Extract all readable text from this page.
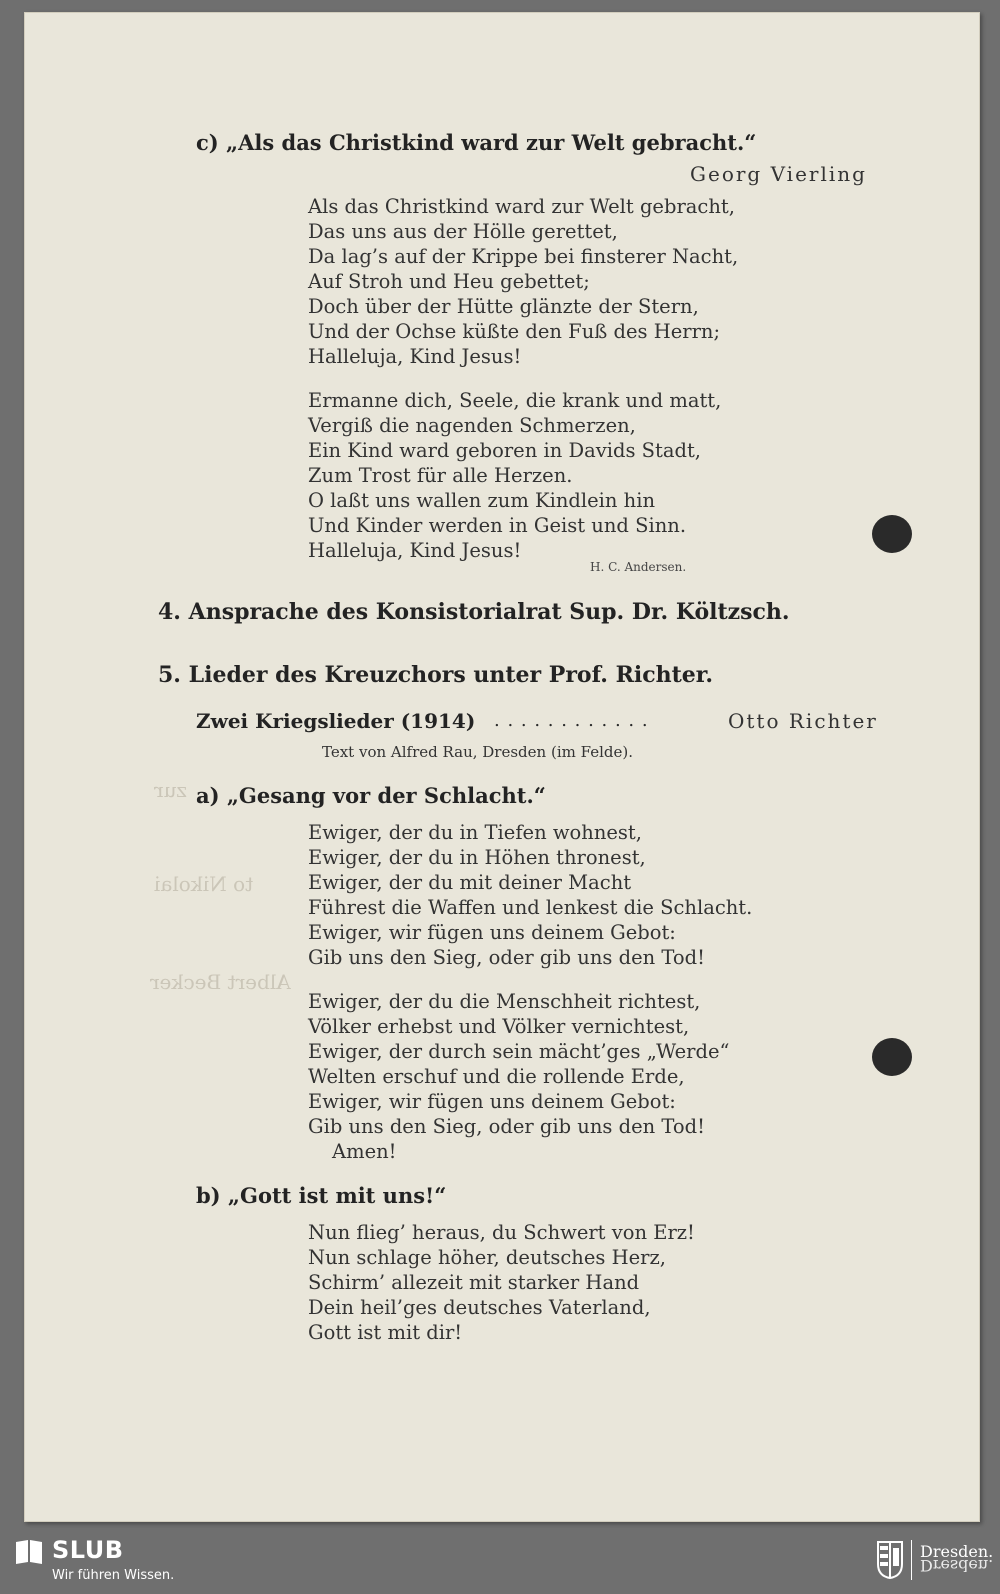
zur
to Nikolai
Albert Becker
c) „Als das Christkind ward zur Welt gebracht.“
Georg Vierling
Als das Christkind ward zur Welt gebracht,
Das uns aus der Hölle gerettet,
Da lag’s auf der Krippe bei finsterer Nacht,
Auf Stroh und Heu gebettet;
Doch über der Hütte glänzte der Stern,
Und der Ochse küßte den Fuß des Herrn;
Halleluja, Kind Jesus!
Ermanne dich, Seele, die krank und matt,
Vergiß die nagenden Schmerzen,
Ein Kind ward geboren in Davids Stadt,
Zum Trost für alle Herzen.
O laßt uns wallen zum Kindlein hin
Und Kinder werden in Geist und Sinn.
Halleluja, Kind Jesus!
H. C. Andersen.
4. Ansprache des Konsistorialrat Sup. Dr. Költzsch.
5. Lieder des Kreuzchors unter Prof. Richter.
Zwei Kriegslieder (1914) . . . . . . . . . . . .	Otto Richter
Text von Alfred Rau, Dresden (im Felde).
a) „Gesang vor der Schlacht.“
Ewiger, der du in Tiefen wohnest,
Ewiger, der du in Höhen thronest,
Ewiger, der du mit deiner Macht
Führest die Waffen und lenkest die Schlacht.
Ewiger, wir fügen uns deinem Gebot:
Gib uns den Sieg, oder gib uns den Tod!
Ewiger, der du die Menschheit richtest,
Völker erhebst und Völker vernichtest,
Ewiger, der durch sein mächt’ges „Werde“
Welten erschuf und die rollende Erde,
Ewiger, wir fügen uns deinem Gebot:
Gib uns den Sieg, oder gib uns den Tod!
Amen!
b) „Gott ist mit uns!“
Nun flieg’ heraus, du Schwert von Erz!
Nun schlage höher, deutsches Herz,
Schirm’ allezeit mit starker Hand
Dein heil’ges deutsches Vaterland,
Gott ist mit dir!
SLUB
Wir führen Wissen.
Dresden.
Dresden.
